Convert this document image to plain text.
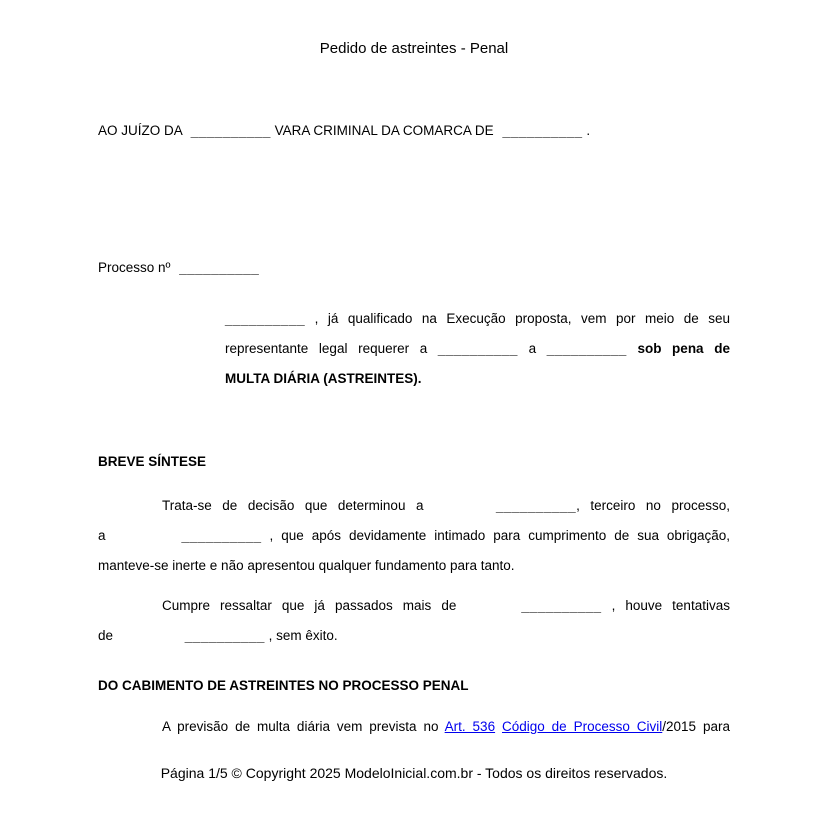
Pedido de astreintes - Penal
AO JUÍZO DA __________ VARA CRIMINAL DA COMARCA DE __________ .
Processo nº __________
__________ , já qualificado na Execução proposta, vem por meio de seu
representante legal requerer a __________ a __________ sob pena de
MULTA DIÁRIA (ASTREINTES).
BREVE SÍNTESE
Trata-se de decisão que determinou a	__________, terceiro no processo,
a	__________ , que após devidamente intimado para cumprimento de sua obrigação,
manteve-se inerte e não apresentou qualquer fundamento para tanto.
Cumpre ressaltar que já passados mais de	__________ , houve tentativas
de	__________ , sem êxito.
DO CABIMENTO DE ASTREINTES NO PROCESSO PENAL
A previsão de multa diária vem prevista no Art. 536 Código de Processo Civil/2015 para
Página 1/5 © Copyright 2025 ModeloInicial.com.br - Todos os direitos reservados.
